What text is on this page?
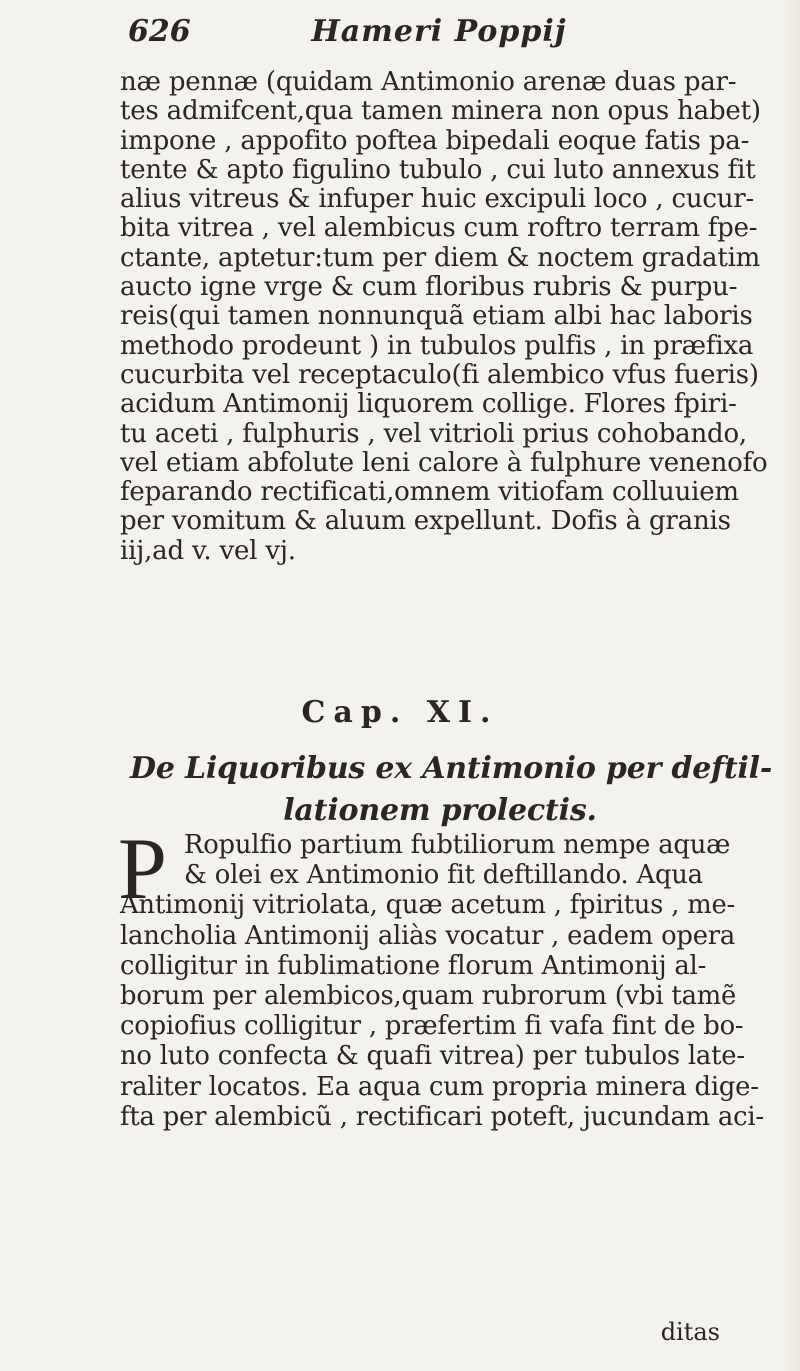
626	Hameri Poppij
næ pennæ (quidam Antimonio arenæ duas par-
tes admifcent,qua tamen minera non opus habet)
impone , appofito poftea bipedali eoque fatis pa-
tente & apto figulino tubulo , cui luto annexus fit
alius vitreus & infuper huic excipuli loco , cucur-
bita vitrea , vel alembicus cum roftro terram fpe-
ctante, aptetur:tum per diem & noctem gradatim
aucto igne vrge & cum floribus rubris & purpu-
reis(qui tamen nonnunquã etiam albi hac laboris
methodo prodeunt ) in tubulos pulfis , in præfixa
cucurbita vel receptaculo(fi alembico vfus fueris)
acidum Antimonij liquorem collige. Flores fpiri-
tu aceti , fulphuris , vel vitrioli prius cohobando,
vel etiam abfolute leni calore à fulphure venenofo
feparando rectificati,omnem vitiofam colluuiem
per vomitum & aluum expellunt. Dofis à granis
iij,ad v. vel vj.
Cap. XI.
De Liquoribus ex Antimonio per deftil-
lationem prolectis.
P Ropulfio partium fubtiliorum nempe aquæ
& olei ex Antimonio fit deftillando. Aqua
Antimonij vitriolata, quæ acetum , fpiritus , me-
lancholia Antimonij aliàs vocatur , eadem opera
colligitur in fublimatione florum Antimonij al-
borum per alembicos,quam rubrorum (vbi tamẽ
copiofius colligitur , præfertim fi vafa fint de bo-
no luto confecta & quafi vitrea) per tubulos late-
raliter locatos. Ea aqua cum propria minera dige-
fta per alembicũ , rectificari poteft, jucundam aci-
ditas
